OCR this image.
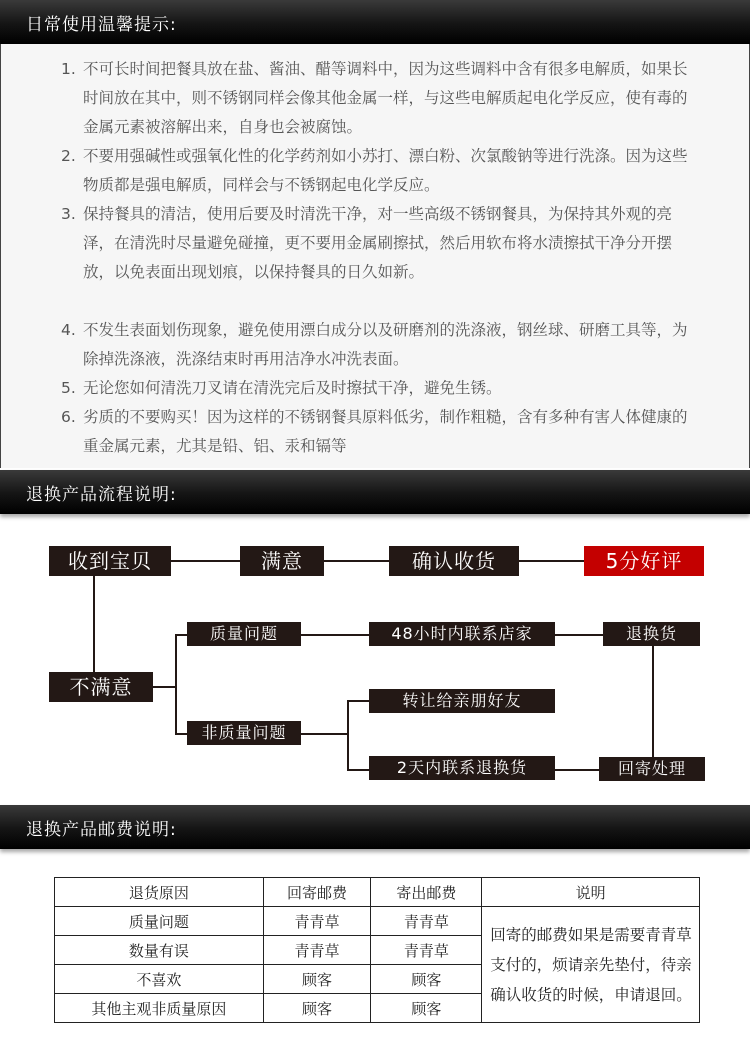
日常使用温馨提示:
1. 不可长时间把餐具放在盐、酱油、醋等调料中，因为这些调料中含有很多电解质，如果长时间放在其中，则不锈钢同样会像其他金属一样，与这些电解质起电化学反应，使有毒的金属元素被溶解出来，自身也会被腐蚀。
2. 不要用强碱性或强氧化性的化学药剂如小苏打、漂白粉、次氯酸钠等进行洗涤。因为这些物质都是强电解质，同样会与不锈钢起电化学反应。
3. 保持餐具的清洁，使用后要及时清洗干净，对一些高级不锈钢餐具，为保持其外观的亮泽，在清洗时尽量避免碰撞，更不要用金属刷擦拭，然后用软布将水渍擦拭干净分开摆放，以免表面出现划痕，以保持餐具的日久如新。
4. 不发生表面划伤现象，避免使用漂白成分以及研磨剂的洗涤液，钢丝球、研磨工具等，为除掉洗涤液，洗涤结束时再用洁净水冲洗表面。
5. 无论您如何清洗刀叉请在清洗完后及时擦拭干净，避免生锈。
6. 劣质的不要购买！因为这样的不锈钢餐具原料低劣，制作粗糙，含有多种有害人体健康的重金属元素，尤其是铅、铝、汞和镉等
退换产品流程说明:
收到宝贝	满意	确认收货	5分好评
不满意
质量问题	48小时内联系店家	退换货
非质量问题
转让给亲朋好友
2天内联系退换货	回寄处理
退换产品邮费说明:
退货原因	回寄邮费	寄出邮费	说明
质量问题	青青草	青青草	回寄的邮费如果是需要青青草支付的，烦请亲先垫付，待亲确认收货的时候，申请退回。
数量有误	青青草	青青草	
不喜欢	顾客	顾客	
其他主观非质量原因	顾客	顾客	
